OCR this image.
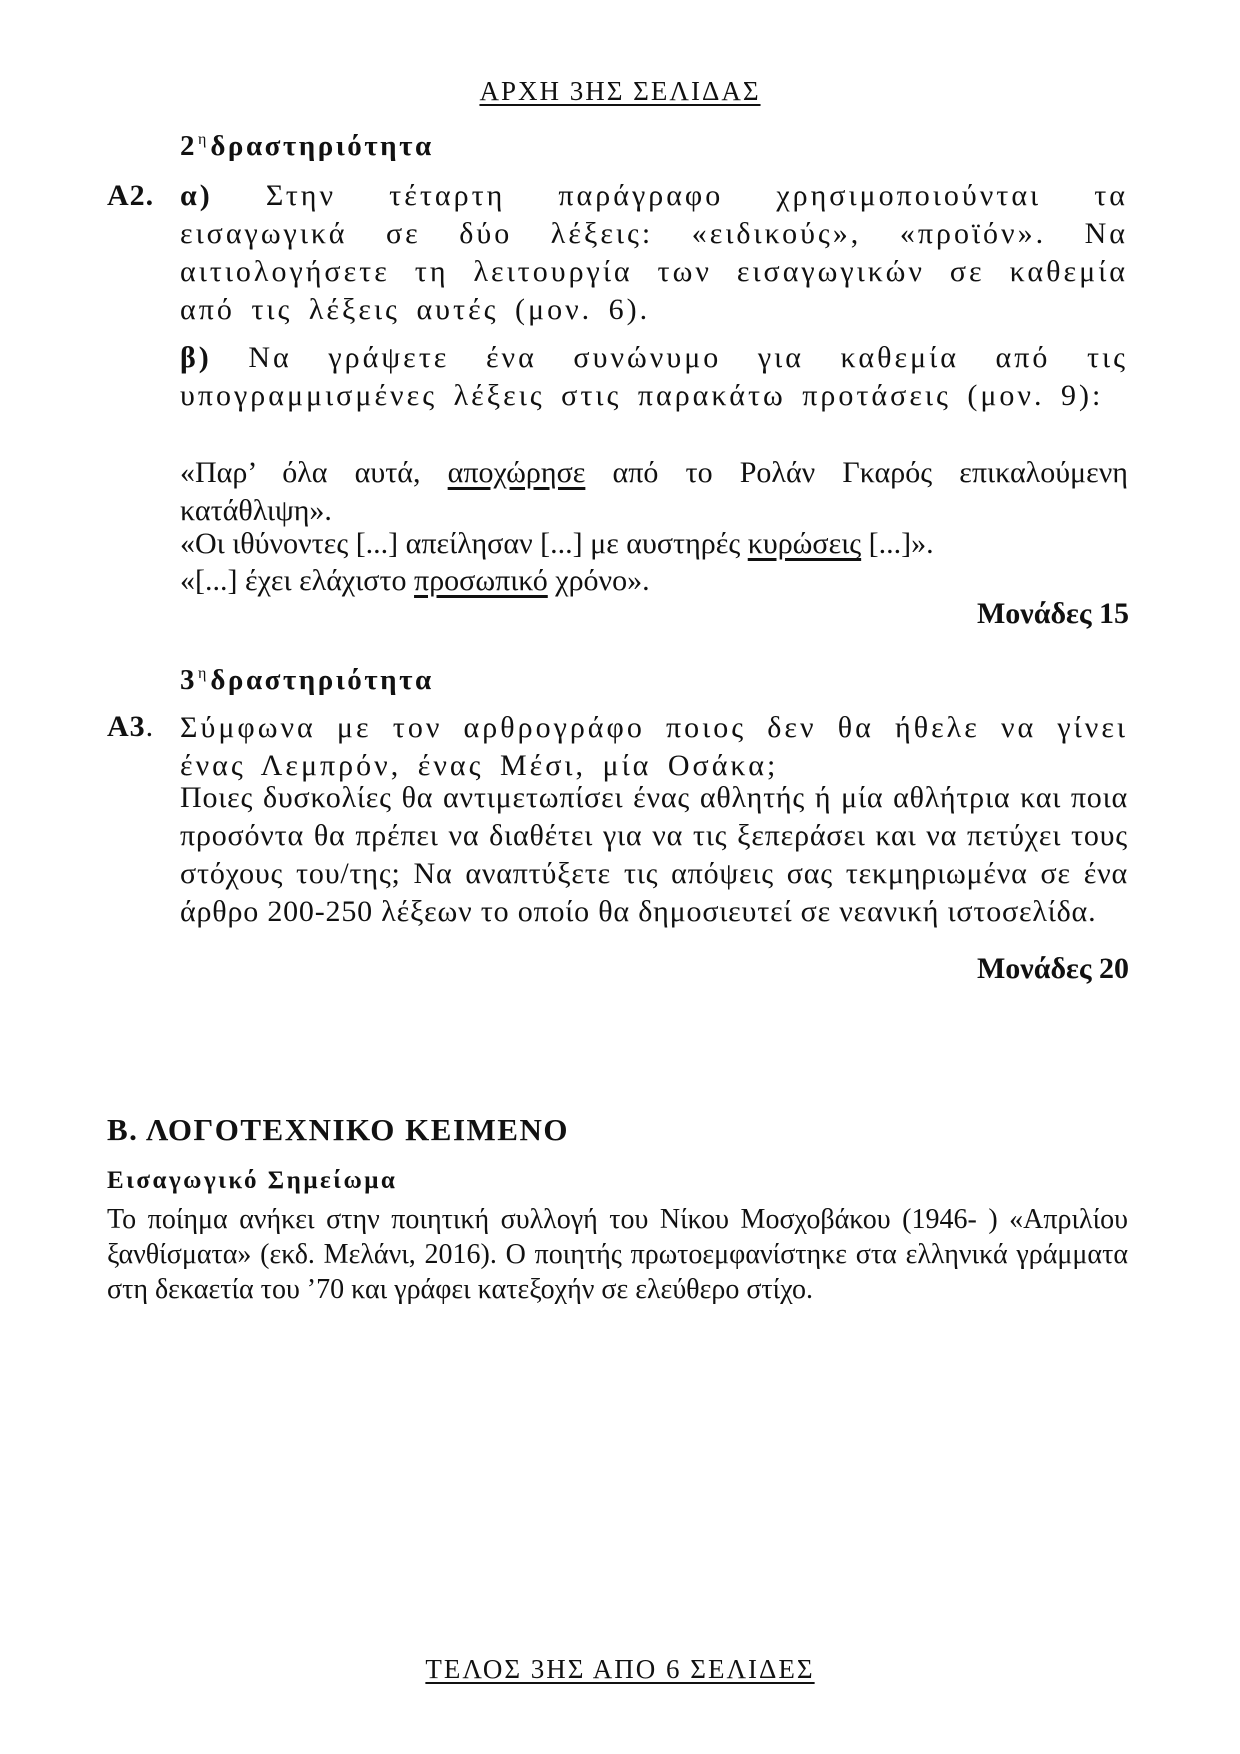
ΑΡΧΗ 3ΗΣ ΣΕΛΙΔΑΣ
$2^\eta$ δραστηριότητα
Α2. α) Στην τέταρτη παράγραφο χρησιμοποιούνται τα εισαγωγικά σε δύο λέξεις: «ειδικούς», «προϊόν». Να αιτιολογήσετε τη λειτουργία των εισαγωγικών σε καθεμία από τις λέξεις αυτές (μον. 6).
β) Να γράψετε ένα συνώνυμο για καθεμία από τις υπογραμμισμένες λέξεις στις παρακάτω προτάσεις (μον. 9):
«Παρ’ όλα αυτά, αποχώρησε από το Ρολάν Γκαρός επικαλούμενη κατάθλιψη».
«Οι ιθύνοντες [...] απείλησαν [...] με αυστηρές κυρώσεις [...]».
«[...] έχει ελάχιστο προσωπικό χρόνο».
Μονάδες 15
$3^\eta$ δραστηριότητα
Α3. Σύμφωνα με τον αρθρογράφο ποιος δεν θα ήθελε να γίνει ένας Λεμπρόν, ένας Μέσι, μία Οσάκα;
Ποιες δυσκολίες θα αντιμετωπίσει ένας αθλητής ή μία αθλήτρια και ποια προσόντα θα πρέπει να διαθέτει για να τις ξεπεράσει και να πετύχει τους στόχους του/της; Να αναπτύξετε τις απόψεις σας τεκμηριωμένα σε ένα άρθρο 200-250 λέξεων το οποίο θα δημοσιευτεί σε νεανική ιστοσελίδα.
Μονάδες 20
Β. ΛΟΓΟΤΕΧΝΙΚΟ ΚΕΙΜΕΝΟ
Εισαγωγικό Σημείωμα
Το ποίημα ανήκει στην ποιητική συλλογή του Νίκου Μοσχοβάκου (1946- ) «Απριλίου ξανθίσματα» (εκδ. Μελάνι, 2016). Ο ποιητής πρωτοεμφανίστηκε στα ελληνικά γράμματα στη δεκαετία του ’70 και γράφει κατεξοχήν σε ελεύθερο στίχο.
ΤΕΛΟΣ 3ΗΣ ΑΠΟ 6 ΣΕΛΙΔΕΣ
